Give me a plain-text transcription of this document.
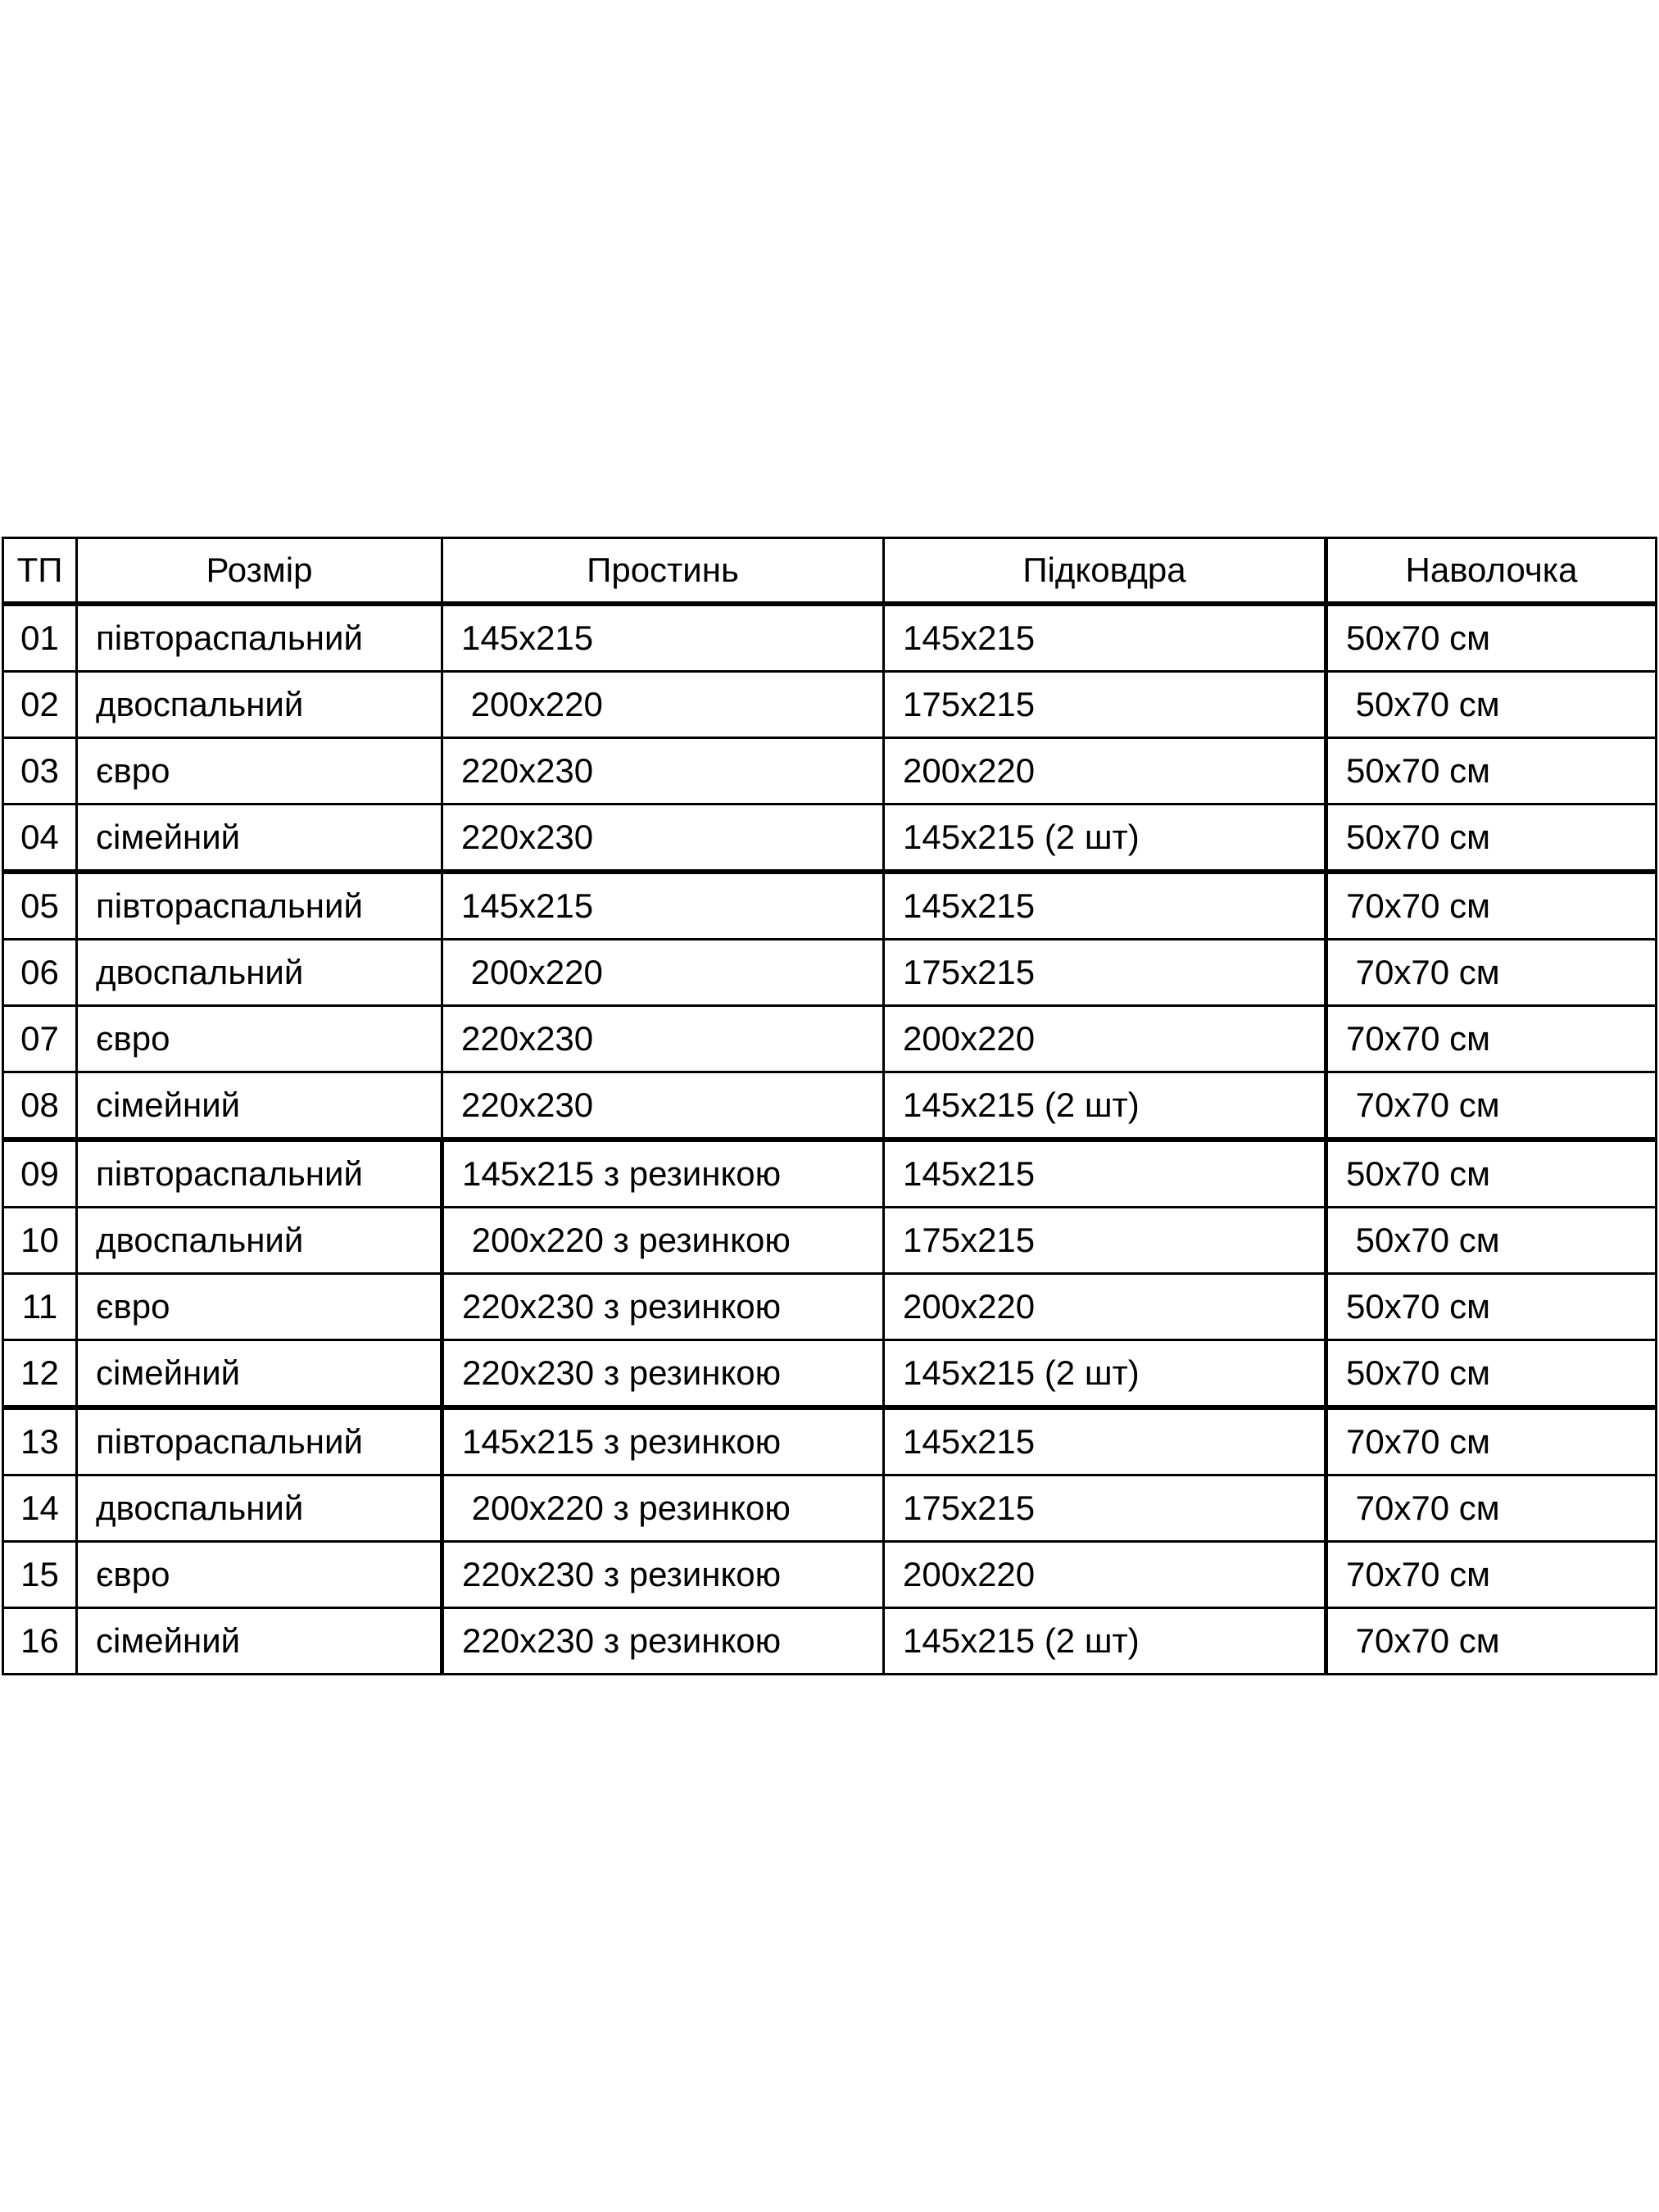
ТП	Розмір	Простинь	Підковдра	Наволочка
01	півтораспальний	145х215	145х215	50х70 см
02	двоспальний	200х220	175х215	50х70 см
03	євро	220х230	200х220	50х70 см
04	сімейний	220х230	145х215 (2 шт)	50х70 см
05	півтораспальний	145х215	145х215	70х70 см
06	двоспальний	200х220	175х215	70х70 см
07	євро	220х230	200х220	70х70 см
08	сімейний	220х230	145х215 (2 шт)	70х70 см
09	півтораспальний	145х215 з резинкою	145х215	50х70 см
10	двоспальний	200х220 з резинкою	175х215	50х70 см
11	євро	220х230 з резинкою	200х220	50х70 см
12	сімейний	220х230 з резинкою	145х215 (2 шт)	50х70 см
13	півтораспальний	145х215 з резинкою	145х215	70х70 см
14	двоспальний	200х220 з резинкою	175х215	70х70 см
15	євро	220х230 з резинкою	200х220	70х70 см
16	сімейний	220х230 з резинкою	145х215 (2 шт)	70х70 см
